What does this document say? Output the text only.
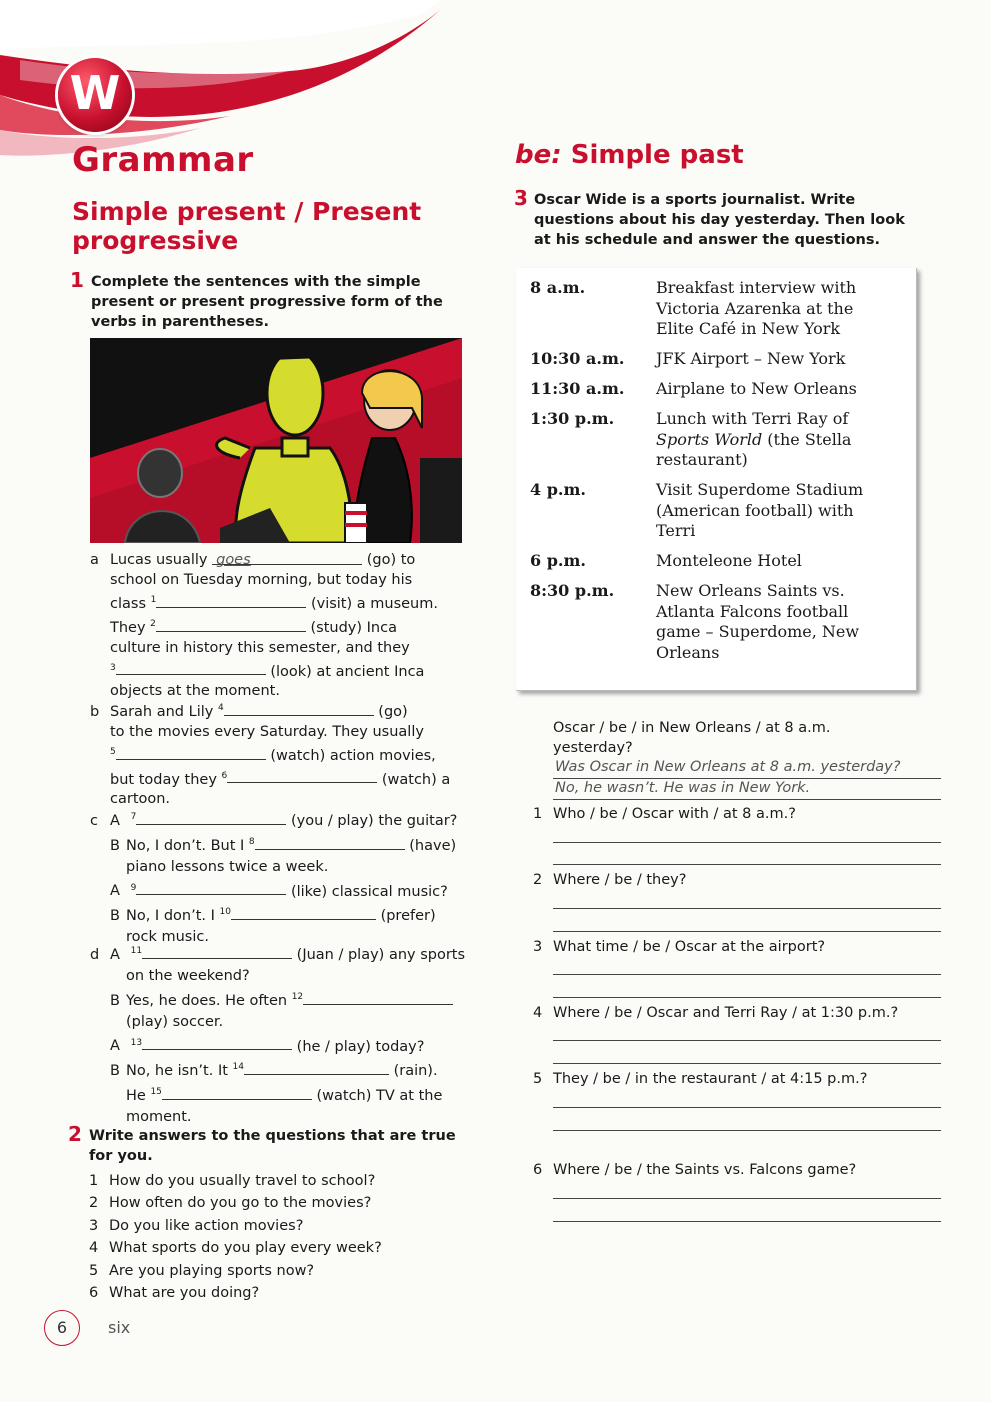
W
Grammar
Simple present / Present
progressive
1 Complete the sentences with the simple
present or present progressive form of the
verbs in parentheses.
a Lucas usually goes	(go) to
school on Tuesday morning, but today his
class $^1$	(visit) a museum.
They $^2$	(study) Inca
culture in history this semester, and they
$^3$	(look) at ancient Inca
objects at the moment.
b Sarah and Lily $^4$	(go)
to the movies every Saturday. They usually
$^5$	(watch) action movies,
but today they $^6$	(watch) a
cartoon.
c A $^7$	(you / play) the guitar?
B No, I don’t. But I $^8$	(have)
piano lessons twice a week.
A $^9$	(like) classical music?
B No, I don’t. I $^{10}$	(prefer)
rock music.
d A $^{11}$	(Juan / play) any sports
on the weekend?
B Yes, he does. He often $^{12}$
(play) soccer.
A $^{13}$	(he / play) today?
B No, he isn’t. It $^{14}$	(rain).
He $^{15}$	(watch) TV at the
moment.
2 Write answers to the questions that are true
for you.
1 How do you usually travel to school?
2 How often do you go to the movies?
3 Do you like action movies?
4 What sports do you play every week?
5 Are you playing sports now?
6 What are you doing?
6	six
be: Simple past
3 Oscar Wide is a sports journalist. Write
questions about his day yesterday. Then look
at his schedule and answer the questions.
8 a.m.	Breakfast interview with
Victoria Azarenka at the
Elite Café in New York
10:30 a.m. JFK Airport – New York
11:30 a.m. Airplane to New Orleans
1:30 p.m.	Lunch with Terri Ray of
Sports World (the Stella
restaurant)
4 p.m.	Visit Superdome Stadium
(American football) with
Terri
6 p.m.	Monteleone Hotel
8:30 p.m.	New Orleans Saints vs.
Atlanta Falcons football
game – Superdome, New
Orleans
Oscar / be / in New Orleans / at 8 a.m.
yesterday?
Was Oscar in New Orleans at 8 a.m. yesterday?
No, he wasn’t. He was in New York.
1 Who / be / Oscar with / at 8 a.m.?
2 Where / be / they?
3 What time / be / Oscar at the airport?
4 Where / be / Oscar and Terri Ray / at 1:30 p.m.?
5 They / be / in the restaurant / at 4:15 p.m.?
6 Where / be / the Saints vs. Falcons game?
